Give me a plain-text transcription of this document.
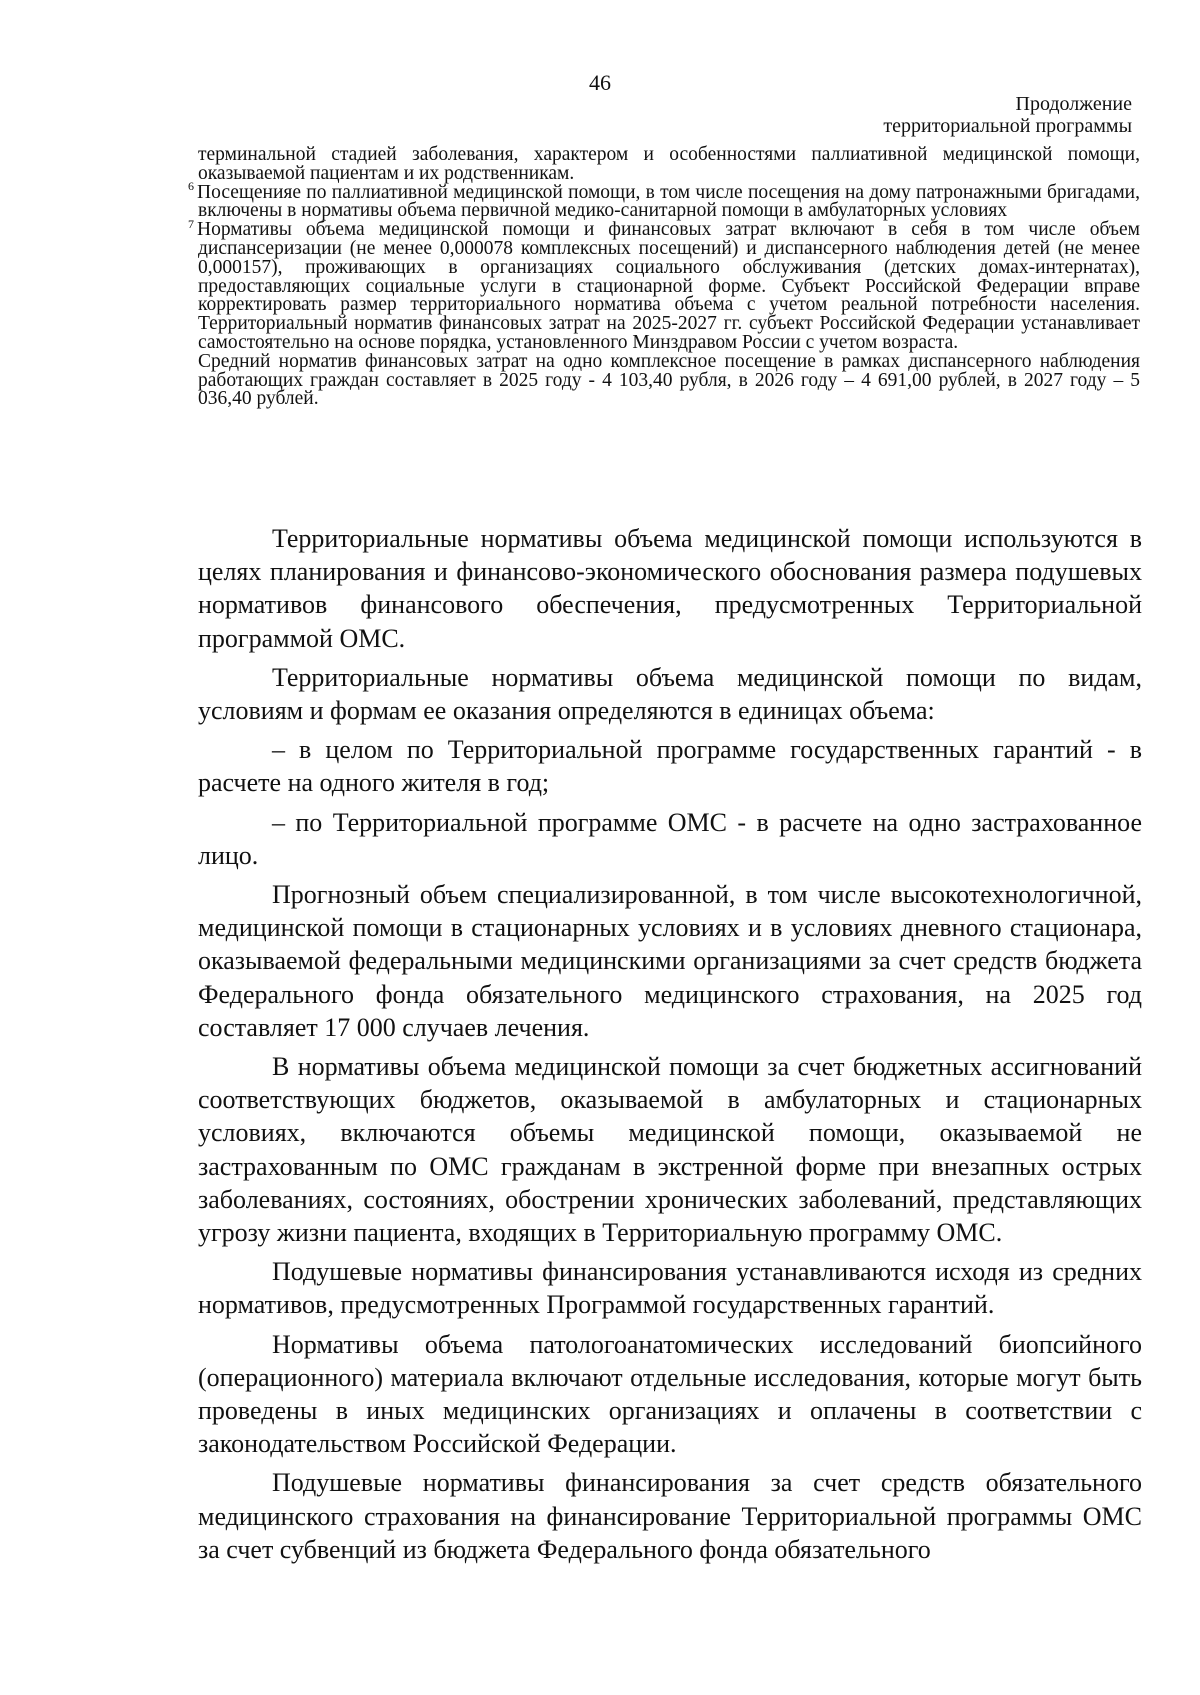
46
Продолжение
территориальной программы

терминальной стадией заболевания, характером и особенностями паллиативной медицинской помощи, оказываемой пациентам и их родственникам.

$^6$ Посещенияе по паллиативной медицинской помощи, в том числе посещения на дому патронажными бригадами, включены в нормативы объема первичной медико-санитарной помощи в амбулаторных условиях

$^7$ Нормативы объема медицинской помощи и финансовых затрат включают в себя в том числе объем диспансеризации (не менее 0,000078 комплексных посещений) и диспансерного наблюдения детей (не менее 0,000157), проживающих в организациях социального обслуживания (детских домах-интернатах), предоставляющих социальные услуги в стационарной форме. Субъект Российской Федерации вправе корректировать размер территориального норматива объема с учетом реальной потребности населения. Территориальный норматив финансовых затрат на 2025-2027 гг. субъект Российской Федерации устанавливает самостоятельно на основе порядка, установленного Минздравом России с учетом возраста.

Средний норматив финансовых затрат на одно комплексное посещение в рамках диспансерного наблюдения работающих граждан составляет в 2025 году - 4 103,40 рубля, в 2026 году – 4 691,00 рублей, в 2027 году – 5 036,40 рублей.

Территориальные нормативы объема медицинской помощи используются в целях планирования и финансово-экономического обоснования размера подушевых нормативов финансового обеспечения, предусмотренных Территориальной программой ОМС.

Территориальные нормативы объема медицинской помощи по видам, условиям и формам ее оказания определяются в единицах объема:

– в целом по Территориальной программе государственных гарантий - в расчете на одного жителя в год;

– по Территориальной программе ОМС - в расчете на одно застрахованное лицо.

Прогнозный объем специализированной, в том числе высокотехнологичной, медицинской помощи в стационарных условиях и в условиях дневного стационара, оказываемой федеральными медицинскими организациями за счет средств бюджета Федерального фонда обязательного медицинского страхования, на 2025 год составляет 17 000 случаев лечения.

В нормативы объема медицинской помощи за счет бюджетных ассигнований соответствующих бюджетов, оказываемой в амбулаторных и стационарных условиях, включаются объемы медицинской помощи, оказываемой не застрахованным по ОМС гражданам в экстренной форме при внезапных острых заболеваниях, состояниях, обострении хронических заболеваний, представляющих угрозу жизни пациента, входящих в Территориальную программу ОМС.

Подушевые нормативы финансирования устанавливаются исходя из средних нормативов, предусмотренных Программой государственных гарантий.

Нормативы объема патологоанатомических исследований биопсийного (операционного) материала включают отдельные исследования, которые могут быть проведены в иных медицинских организациях и оплачены в соответствии с законодательством Российской Федерации.

Подушевые нормативы финансирования за счет средств обязательного медицинского страхования на финансирование Территориальной программы ОМС за счет субвенций из бюджета Федерального фонда обязательного
